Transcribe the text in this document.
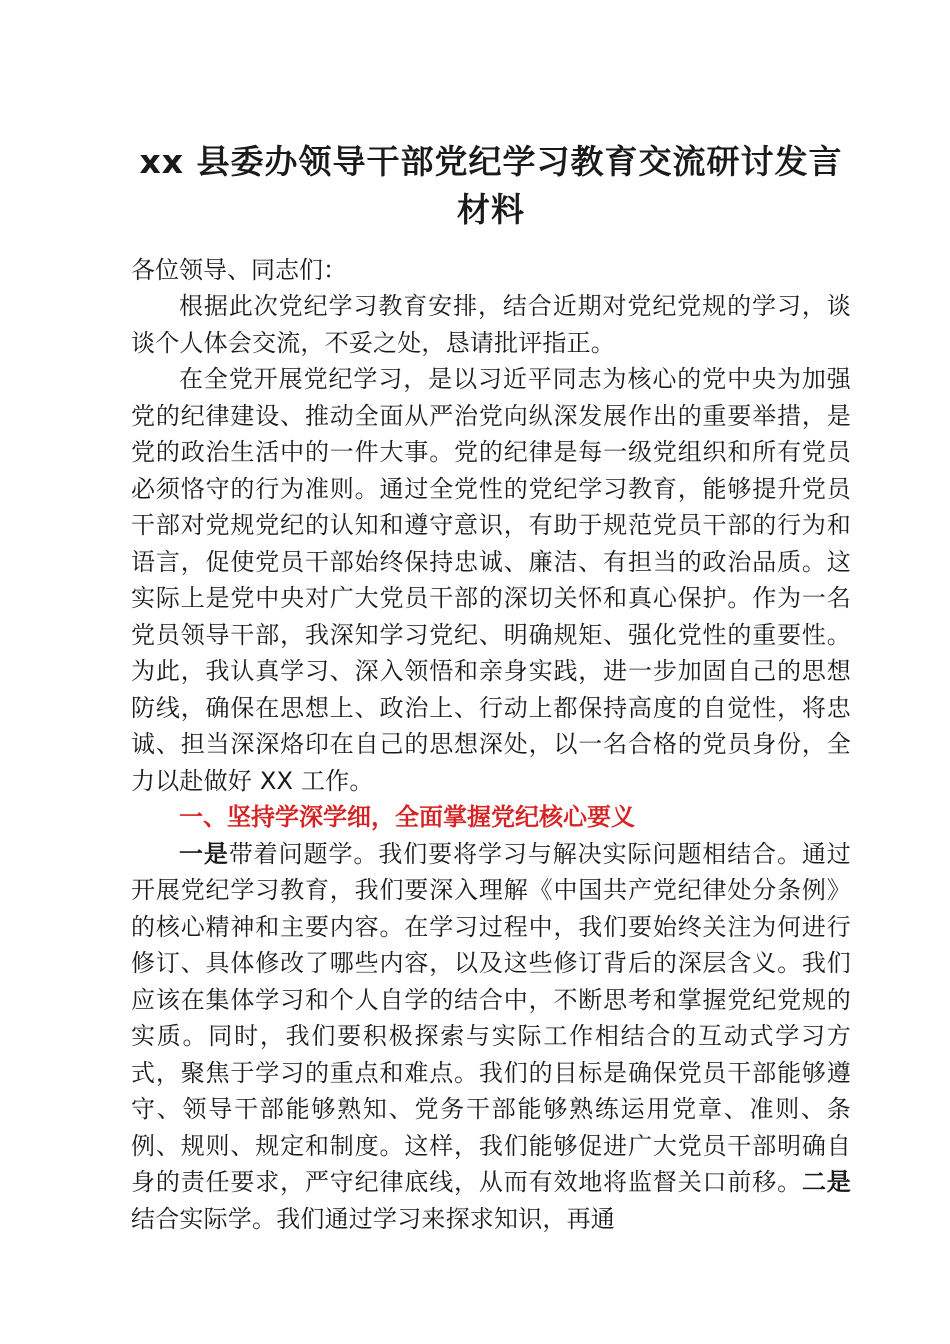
xx 县委办领导干部党纪学习教育交流研讨发言材料

各位领导、同志们：

根据此次党纪学习教育安排，结合近期对党纪党规的学习，谈谈个人体会交流，不妥之处，恳请批评指正。

在全党开展党纪学习，是以习近平同志为核心的党中央为加强党的纪律建设、推动全面从严治党向纵深发展作出的重要举措，是党的政治生活中的一件大事。党的纪律是每一级党组织和所有党员必须恪守的行为准则。通过全党性的党纪学习教育，能够提升党员干部对党规党纪的认知和遵守意识，有助于规范党员干部的行为和语言，促使党员干部始终保持忠诚、廉洁、有担当的政治品质。这实际上是党中央对广大党员干部的深切关怀和真心保护。作为一名党员领导干部，我深知学习党纪、明确规矩、强化党性的重要性。为此，我认真学习、深入领悟和亲身实践，进一步加固自己的思想防线，确保在思想上、政治上、行动上都保持高度的自觉性，将忠诚、担当深深烙印在自己的思想深处，以一名合格的党员身份，全力以赴做好 XX 工作。

一、坚持学深学细，全面掌握党纪核心要义

一是带着问题学。我们要将学习与解决实际问题相结合。通过开展党纪学习教育，我们要深入理解《中国共产党纪律处分条例》的核心精神和主要内容。在学习过程中，我们要始终关注为何进行修订、具体修改了哪些内容，以及这些修订背后的深层含义。我们应该在集体学习和个人自学的结合中，不断思考和掌握党纪党规的实质。同时，我们要积极探索与实际工作相结合的互动式学习方式，聚焦于学习的重点和难点。我们的目标是确保党员干部能够遵守、领导干部能够熟知、党务干部能够熟练运用党章、准则、条例、规则、规定和制度。这样，我们能够促进广大党员干部明确自身的责任要求，严守纪律底线，从而有效地将监督关口前移。二是结合实际学。我们通过学习来探求知识，再通
